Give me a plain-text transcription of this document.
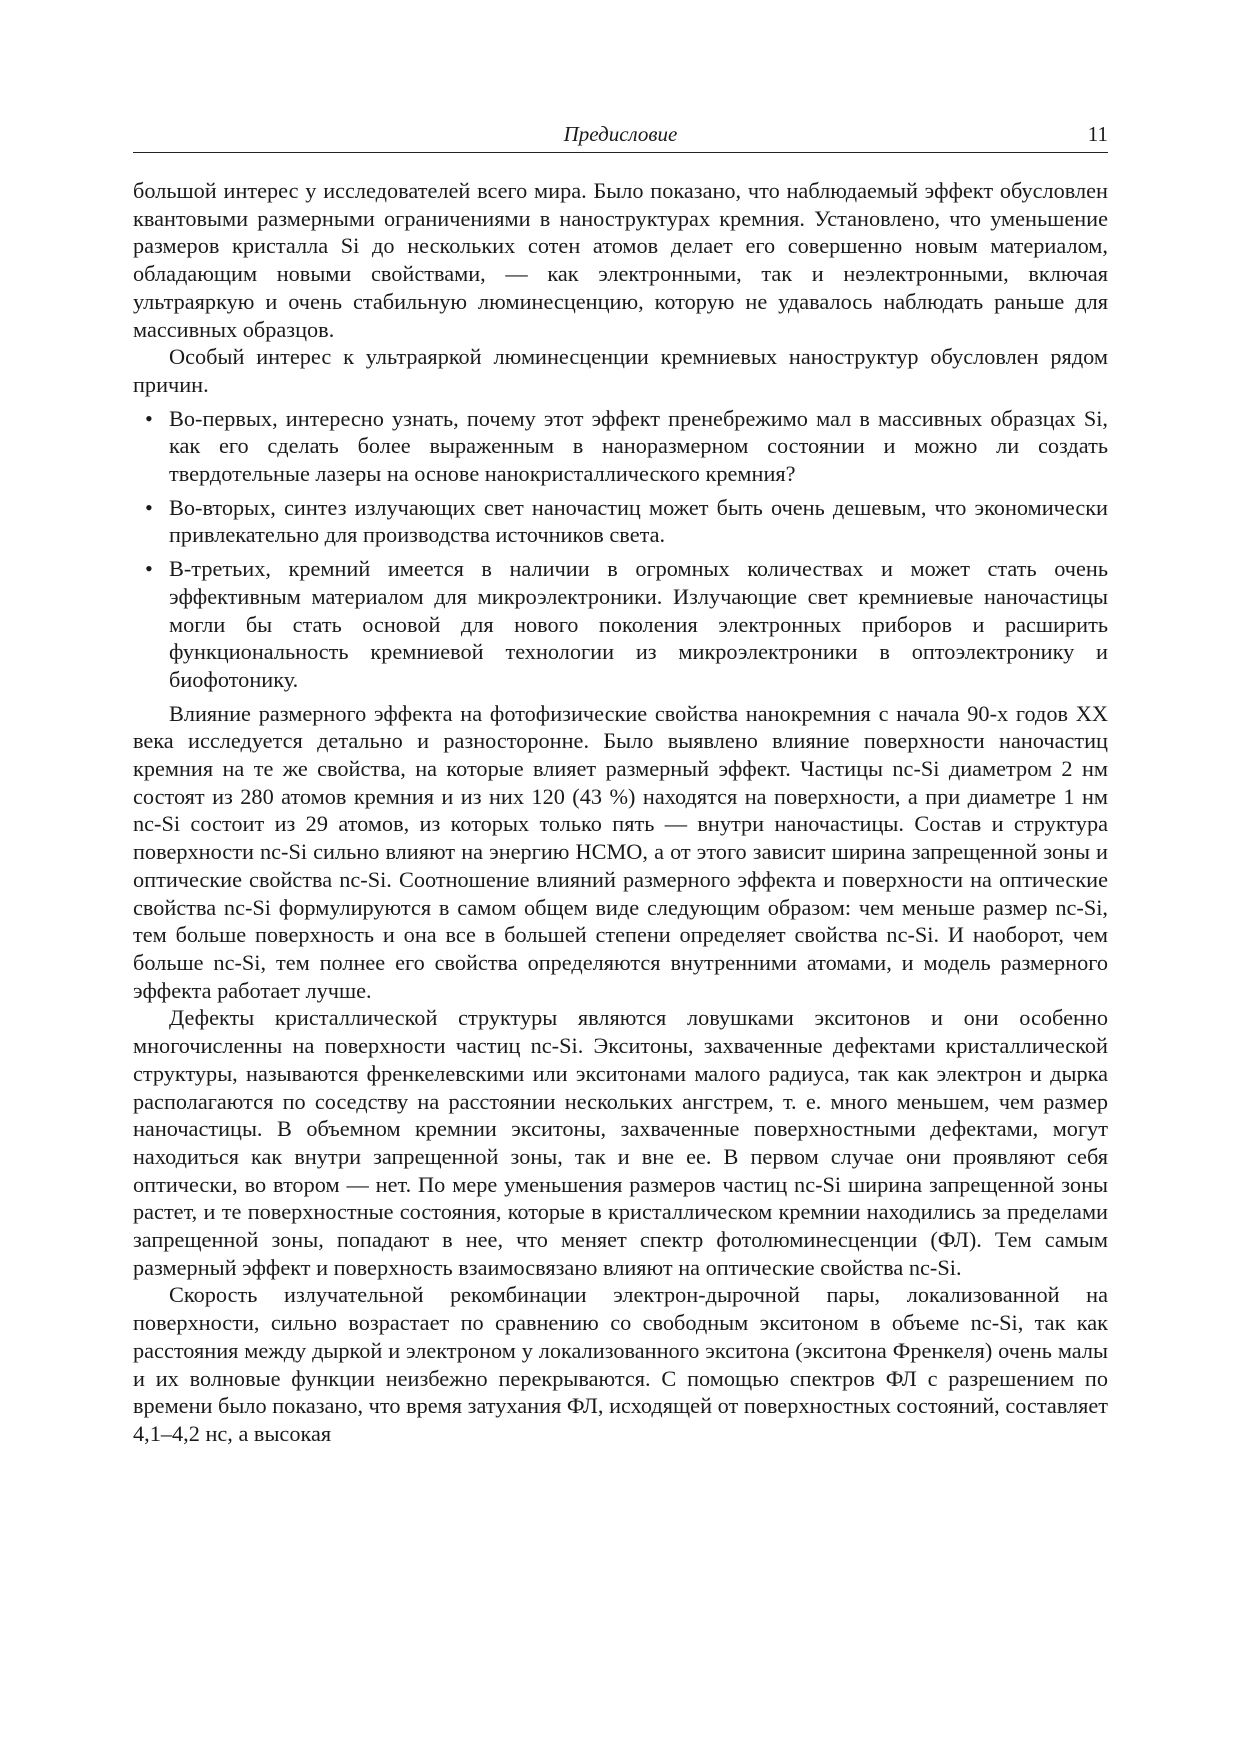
Предисловие	11

большой интерес у исследователей всего мира. Было показано, что наблюдаемый эффект обусловлен квантовыми размерными ограничениями в наноструктурах кремния. Установлено, что уменьшение размеров кристалла Si до нескольких сотен атомов делает его совершенно новым материалом, обладающим новыми свойствами, — как электронными, так и неэлектронными, включая ультраяркую и очень стабильную люминесценцию, которую не удавалось наблюдать раньше для массивных образцов.

Особый интерес к ультраяркой люминесценции кремниевых наноструктур обусловлен рядом причин.

• Во-первых, интересно узнать, почему этот эффект пренебрежимо мал в массивных образцах Si, как его сделать более выраженным в наноразмерном состоянии и можно ли создать твердотельные лазеры на основе нанокристаллического кремния?
• Во-вторых, синтез излучающих свет наночастиц может быть очень дешевым, что экономически привлекательно для производства источников света.
• В-третьих, кремний имеется в наличии в огромных количествах и может стать очень эффективным материалом для микроэлектроники. Излучающие свет кремниевые наночастицы могли бы стать основой для нового поколения электронных приборов и расширить функциональность кремниевой технологии из микроэлектроники в оптоэлектронику и биофотонику.

Влияние размерного эффекта на фотофизические свойства нанокремния с начала 90-х годов XX века исследуется детально и разносторонне. Было выявлено влияние поверхности наночастиц кремния на те же свойства, на которые влияет размерный эффект. Частицы nc-Si диаметром 2 нм состоят из 280 атомов кремния и из них 120 (43 %) находятся на поверхности, а при диаметре 1 нм nc-Si состоит из 29 атомов, из которых только пять — внутри наночастицы. Состав и структура поверхности nc-Si сильно влияют на энергию НСМО, а от этого зависит ширина запрещенной зоны и оптические свойства nc-Si. Соотношение влияний размерного эффекта и поверхности на оптические свойства nc-Si формулируются в самом общем виде следующим образом: чем меньше размер nc-Si, тем больше поверхность и она все в большей степени определяет свойства nc-Si. И наоборот, чем больше nc-Si, тем полнее его свойства определяются внутренними атомами, и модель размерного эффекта работает лучше.

Дефекты кристаллической структуры являются ловушками экситонов и они особенно многочисленны на поверхности частиц nc-Si. Экситоны, захваченные дефектами кристаллической структуры, называются френкелевскими или экситонами малого радиуса, так как электрон и дырка располагаются по соседству на расстоянии нескольких ангстрем, т. е. много меньшем, чем размер наночастицы. В объемном кремнии экситоны, захваченные поверхностными дефектами, могут находиться как внутри запрещенной зоны, так и вне ее. В первом случае они проявляют себя оптически, во втором — нет. По мере уменьшения размеров частиц nc-Si ширина запрещенной зоны растет, и те поверхностные состояния, которые в кристаллическом кремнии находились за пределами запрещенной зоны, попадают в нее, что меняет спектр фотолюминесценции (ФЛ). Тем самым размерный эффект и поверхность взаимосвязано влияют на оптические свойства nc-Si.

Скорость излучательной рекомбинации электрон-дырочной пары, локализованной на поверхности, сильно возрастает по сравнению со свободным экситоном в объеме nc-Si, так как расстояния между дыркой и электроном у локализованного экситона (экситона Френкеля) очень малы и их волновые функции неизбежно перекрываются. С помощью спектров ФЛ с разрешением по времени было показано, что время затухания ФЛ, исходящей от поверхностных состояний, составляет 4,1–4,2 нс, а высокая
